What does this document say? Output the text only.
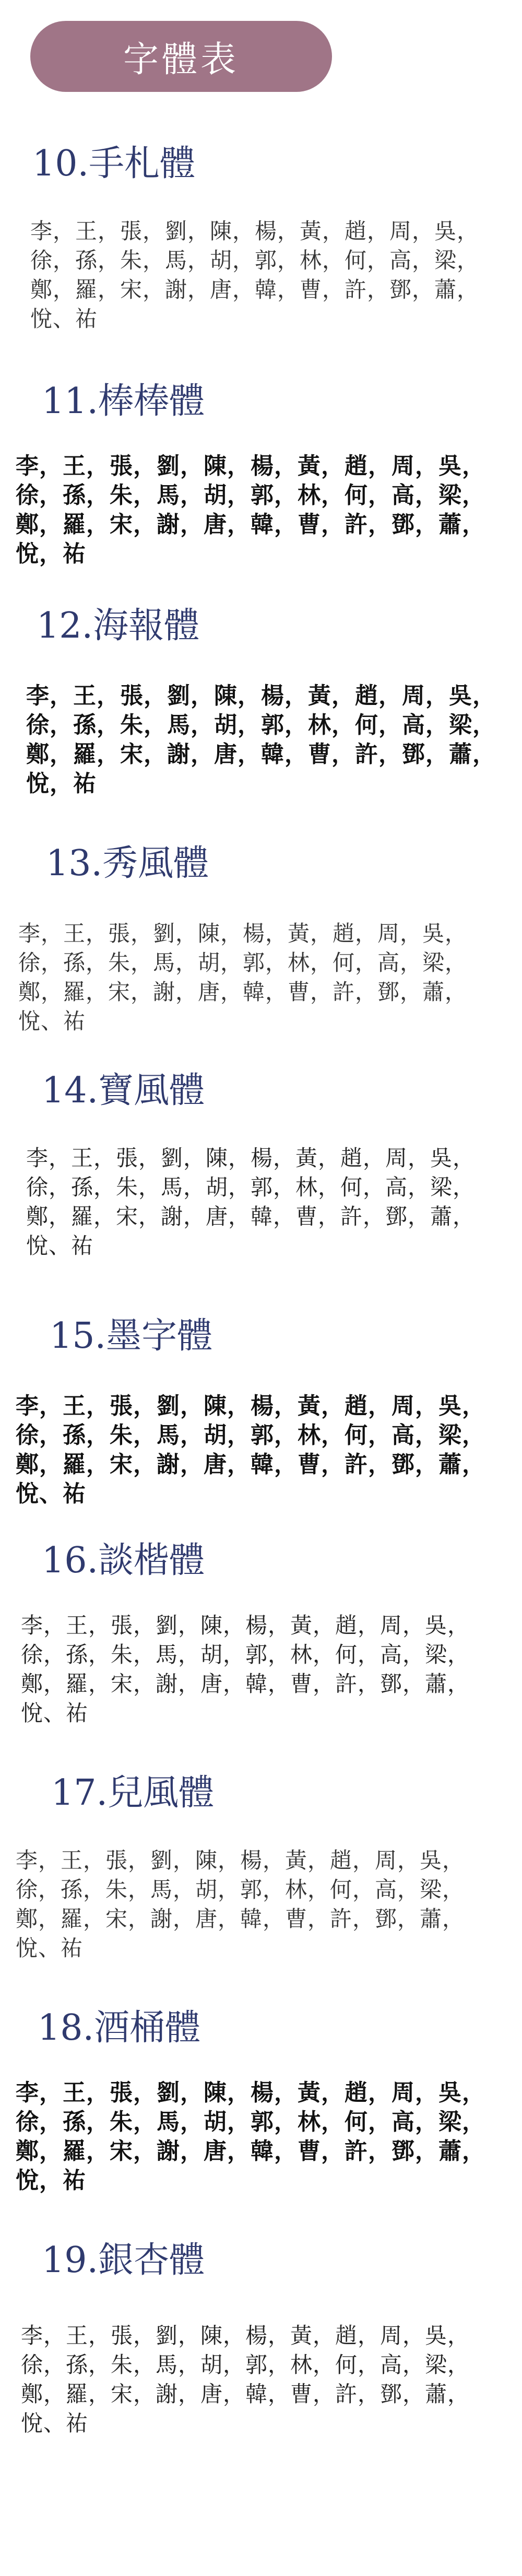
字體表
10.手札體
李，王，張，劉，陳，楊，黃，趙，周，吳，
徐，孫，朱，馬，胡，郭，林，何，高，梁，
鄭，羅，宋，謝，唐，韓，曹，許，鄧，蕭，
悅、祐
11.棒棒體
李，王，張，劉，陳，楊，黃，趙，周，吳，
徐，孫，朱，馬，胡，郭，林，何，高，梁，
鄭，羅，宋，謝，唐，韓，曹，許，鄧，蕭，
悅，祐
12.海報體
李，王，張，劉，陳，楊，黃，趙，周，吳，
徐，孫，朱，馬，胡，郭，林，何，高，梁，
鄭，羅，宋，謝，唐，韓，曹，許，鄧，蕭，
悅，祐
13.秀風體
李，王，張，劉，陳，楊，黃，趙，周，吳，
徐，孫，朱，馬，胡，郭，林，何，高，梁，
鄭，羅，宋，謝，唐，韓，曹，許，鄧，蕭，
悅、祐
14.寶風體
李，王，張，劉，陳，楊，黃，趙，周，吳，
徐，孫，朱，馬，胡，郭，林，何，高，梁，
鄭，羅，宋，謝，唐，韓，曹，許，鄧，蕭，
悅、祐
15.墨字體
李，王，張，劉，陳，楊，黃，趙，周，吳，
徐，孫，朱，馬，胡，郭，林，何，高，梁，
鄭，羅，宋，謝，唐，韓，曹，許，鄧，蕭，
悅、祐
16.談楷體
李，王，張，劉，陳，楊，黃，趙，周，吳，
徐，孫，朱，馬，胡，郭，林，何，高，梁，
鄭，羅，宋，謝，唐，韓，曹，許，鄧，蕭，
悅、祐
17.兒風體
李，王，張，劉，陳，楊，黃，趙，周，吳，
徐，孫，朱，馬，胡，郭，林，何，高，梁，
鄭，羅，宋，謝，唐，韓，曹，許，鄧，蕭，
悅、祐
18.酒桶體
李，王，張，劉，陳，楊，黃，趙，周，吳，
徐，孫，朱，馬，胡，郭，林，何，高，梁，
鄭，羅，宋，謝，唐，韓，曹，許，鄧，蕭，
悅，祐
19.銀杏體
李，王，張，劉，陳，楊，黃，趙，周，吳，
徐，孫，朱，馬，胡，郭，林，何，高，梁，
鄭，羅，宋，謝，唐，韓，曹，許，鄧，蕭，
悅、祐
